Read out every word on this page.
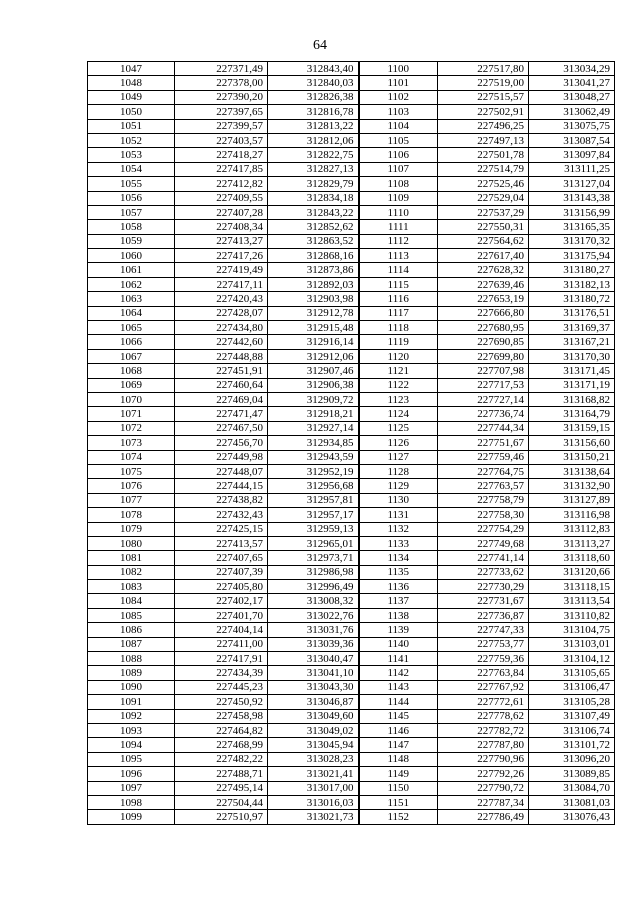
64
1047	227371,49	312843,40	1100	227517,80	313034,29
1048	227378,00	312840,03	1101	227519,00	313041,27
1049	227390,20	312826,38	1102	227515,57	313048,27
1050	227397,65	312816,78	1103	227502,91	313062,49
1051	227399,57	312813,22	1104	227496,25	313075,75
1052	227403,57	312812,06	1105	227497,13	313087,54
1053	227418,27	312822,75	1106	227501,78	313097,84
1054	227417,85	312827,13	1107	227514,79	313111,25
1055	227412,82	312829,79	1108	227525,46	313127,04
1056	227409,55	312834,18	1109	227529,04	313143,38
1057	227407,28	312843,22	1110	227537,29	313156,99
1058	227408,34	312852,62	1111	227550,31	313165,35
1059	227413,27	312863,52	1112	227564,62	313170,32
1060	227417,26	312868,16	1113	227617,40	313175,94
1061	227419,49	312873,86	1114	227628,32	313180,27
1062	227417,11	312892,03	1115	227639,46	313182,13
1063	227420,43	312903,98	1116	227653,19	313180,72
1064	227428,07	312912,78	1117	227666,80	313176,51
1065	227434,80	312915,48	1118	227680,95	313169,37
1066	227442,60	312916,14	1119	227690,85	313167,21
1067	227448,88	312912,06	1120	227699,80	313170,30
1068	227451,91	312907,46	1121	227707,98	313171,45
1069	227460,64	312906,38	1122	227717,53	313171,19
1070	227469,04	312909,72	1123	227727,14	313168,82
1071	227471,47	312918,21	1124	227736,74	313164,79
1072	227467,50	312927,14	1125	227744,34	313159,15
1073	227456,70	312934,85	1126	227751,67	313156,60
1074	227449,98	312943,59	1127	227759,46	313150,21
1075	227448,07	312952,19	1128	227764,75	313138,64
1076	227444,15	312956,68	1129	227763,57	313132,90
1077	227438,82	312957,81	1130	227758,79	313127,89
1078	227432,43	312957,17	1131	227758,30	313116,98
1079	227425,15	312959,13	1132	227754,29	313112,83
1080	227413,57	312965,01	1133	227749,68	313113,27
1081	227407,65	312973,71	1134	227741,14	313118,60
1082	227407,39	312986,98	1135	227733,62	313120,66
1083	227405,80	312996,49	1136	227730,29	313118,15
1084	227402,17	313008,32	1137	227731,67	313113,54
1085	227401,70	313022,76	1138	227736,87	313110,82
1086	227404,14	313031,76	1139	227747,33	313104,75
1087	227411,00	313039,36	1140	227753,77	313103,01
1088	227417,91	313040,47	1141	227759,36	313104,12
1089	227434,39	313041,10	1142	227763,84	313105,65
1090	227445,23	313043,30	1143	227767,92	313106,47
1091	227450,92	313046,87	1144	227772,61	313105,28
1092	227458,98	313049,60	1145	227778,62	313107,49
1093	227464,82	313049,02	1146	227782,72	313106,74
1094	227468,99	313045,94	1147	227787,80	313101,72
1095	227482,22	313028,23	1148	227790,96	313096,20
1096	227488,71	313021,41	1149	227792,26	313089,85
1097	227495,14	313017,00	1150	227790,72	313084,70
1098	227504,44	313016,03	1151	227787,34	313081,03
1099	227510,97	313021,73	1152	227786,49	313076,43
